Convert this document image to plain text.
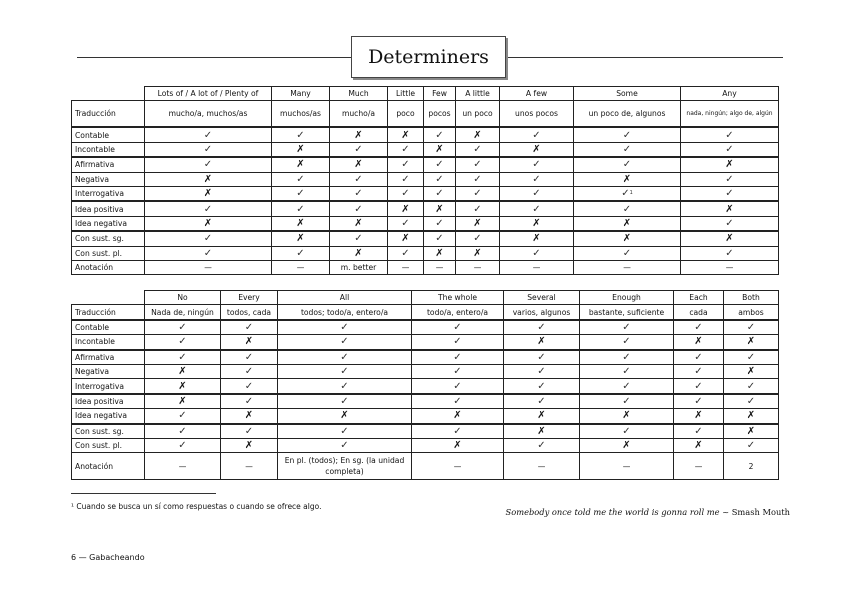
Determiners
	Lots of / A lot of / Plenty of	Many	Much	Little	Few	A little	A few	Some	Any
Traducción	mucho/a, muchos/as	muchos/as	mucho/a	poco	pocos	un poco	unos pocos	un poco de, algunos	nada, ningún; algo de, algún

Contable	✓	✓	✗	✗	✓	✗	✓	✓	✓
Incontable	✓	✗	✓	✓	✗	✓	✗	✓	✓
Afirmativa	✓	✗	✗	✓	✓	✓	✓	✓	✗
Negativa	✗	✓	✓	✓	✓	✓	✓	✗	✓
Interrogativa	✗	✓	✓	✓	✓	✓	✓	✓$^1$	✓
Idea positiva	✓	✓	✓	✗	✗	✓	✓	✓	✗
Idea negativa	✗	✗	✗	✓	✓	✗	✗	✗	✓
Con sust. sg.	✓	✗	✓	✗	✓	✓	✗	✗	✗
Con sust. pl.	✓	✓	✗	✓	✗	✗	✓	✓	✓
Anotación	—	—	m. better	—	—	—	—	—	—
	No	Every	All	The whole	Several	Enough	Each	Both
Traducción	Nada de, ningún	todos, cada	todos; todo/a, entero/a	todo/a, entero/a	varios, algunos	bastante, suficiente	cada	ambos
Contable	✓	✓	✓	✓	✓	✓	✓	✓
Incontable	✓	✗	✓	✓	✗	✓	✗	✗
Afirmativa	✓	✓	✓	✓	✓	✓	✓	✓
Negativa	✗	✓	✓	✓	✓	✓	✓	✗
Interrogativa	✗	✓	✓	✓	✓	✓	✓	✓
Idea positiva	✗	✓	✓	✓	✓	✓	✓	✓
Idea negativa	✓	✗	✗	✗	✗	✗	✗	✗
Con sust. sg.	✓	✓	✓	✓	✗	✓	✓	✗
Con sust. pl.	✓	✗	✓	✗	✓	✗	✗	✓
Anotación	—	—	En pl. (todos); En sg. (la unidad completa)	—	—	—	—	2
¹ Cuando se busca un sí como respuestas o cuando se ofrece algo.
Somebody once told me the world is gonna roll me ~ Smash Mouth
6 — Gabacheando
